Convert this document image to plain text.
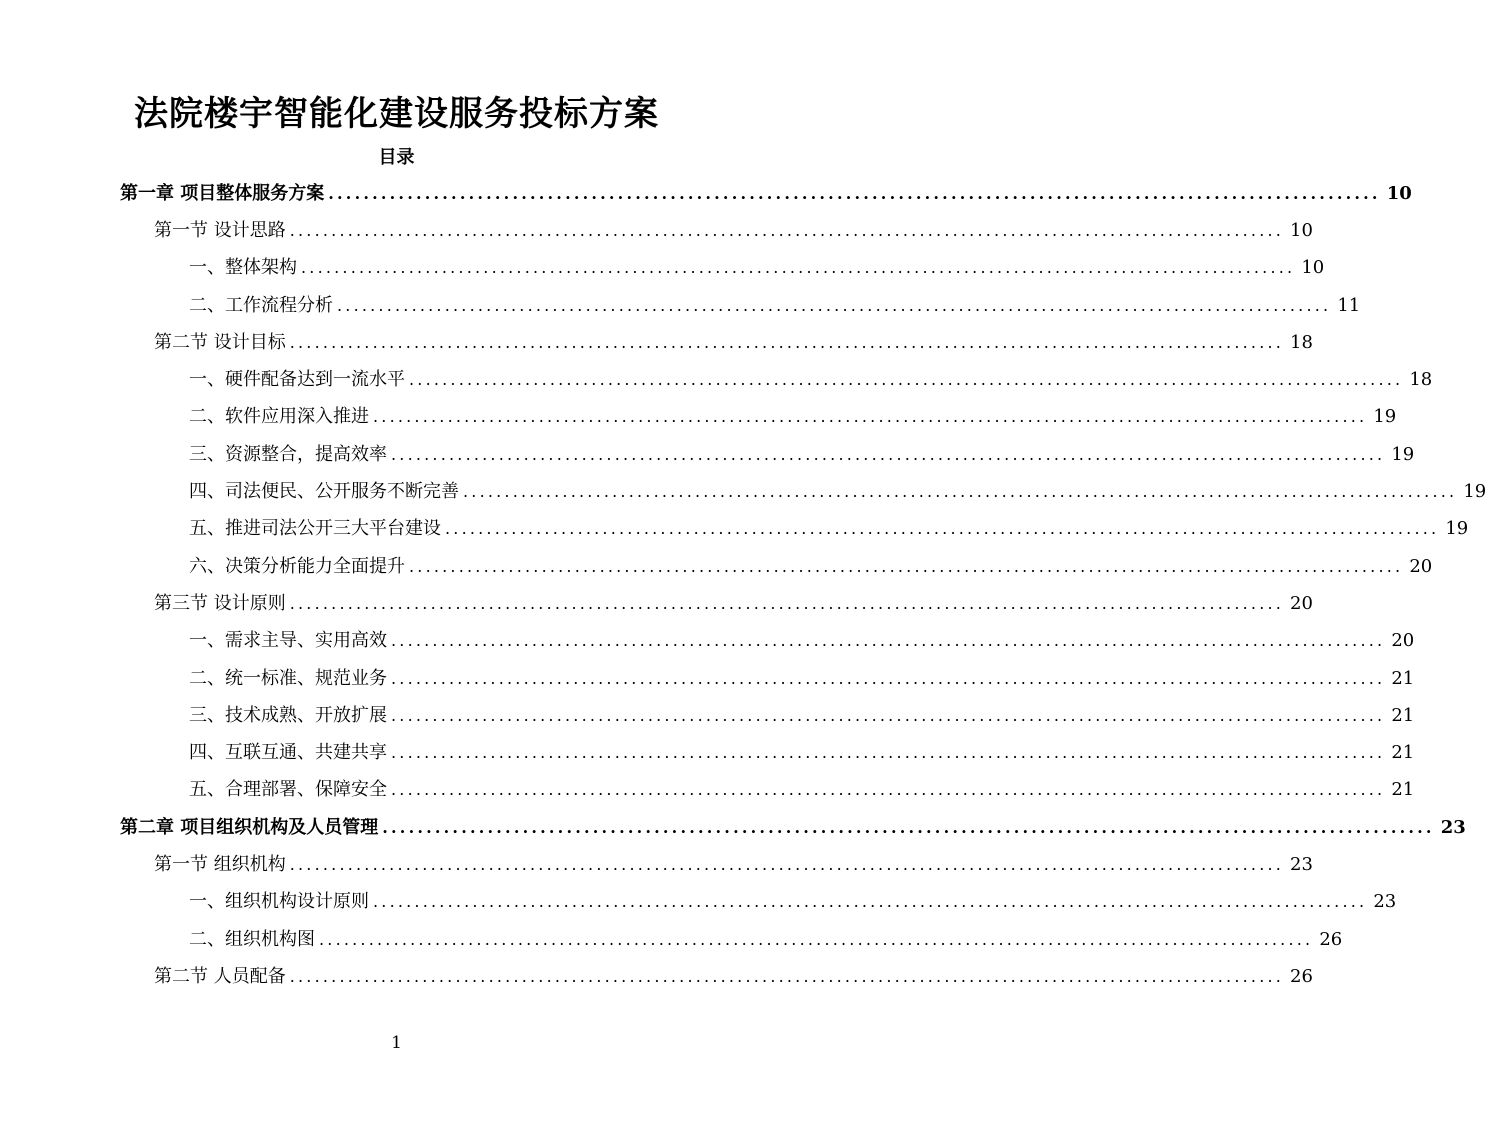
法院楼宇智能化建设服务投标方案
目录
第一章 项目整体服务方案 ........................................................................................................................ 10
第一节 设计思路 ........................................................................................................................ 10
一、整体架构 ........................................................................................................................ 10
二、工作流程分析 ........................................................................................................................ 11
第二节 设计目标 ........................................................................................................................ 18
一、硬件配备达到一流水平 ........................................................................................................................ 18
二、软件应用深入推进 ........................................................................................................................ 19
三、资源整合，提高效率 ........................................................................................................................ 19
四、司法便民、公开服务不断完善 ........................................................................................................................ 19
五、推进司法公开三大平台建设 ........................................................................................................................ 19
六、决策分析能力全面提升 ........................................................................................................................ 20
第三节 设计原则 ........................................................................................................................ 20
一、需求主导、实用高效 ........................................................................................................................ 20
二、统一标准、规范业务 ........................................................................................................................ 21
三、技术成熟、开放扩展 ........................................................................................................................ 21
四、互联互通、共建共享 ........................................................................................................................ 21
五、合理部署、保障安全 ........................................................................................................................ 21
第二章 项目组织机构及人员管理 ........................................................................................................................ 23
第一节 组织机构 ........................................................................................................................ 23
一、组织机构设计原则 ........................................................................................................................ 23
二、组织机构图 ........................................................................................................................ 26
第二节 人员配备 ........................................................................................................................ 26
1
